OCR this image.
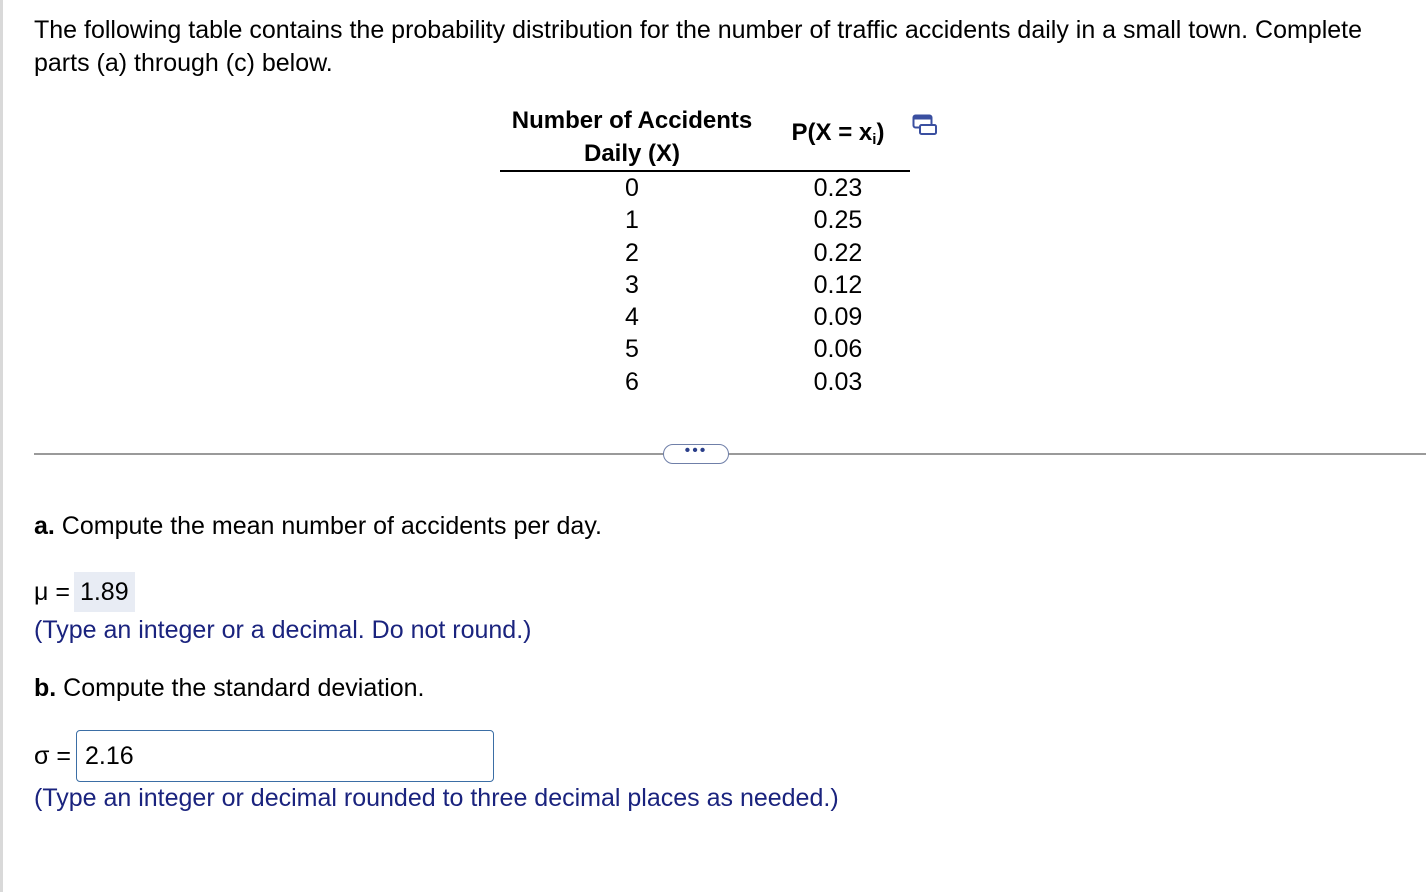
The following table contains the probability distribution for the number of traffic accidents daily in a small town. Complete parts (a) through (c) below.
Number of Accidents Daily (X)
$P(X = x_i)$
0
1
2
3
4
5
6
0.23
0.25
0.22
0.12
0.09
0.06
0.03
•••
a. Compute the mean number of accidents per day.
μ = 1.89
(Type an integer or a decimal. Do not round.)
b. Compute the standard deviation.
σ =
2.16
(Type an integer or decimal rounded to three decimal places as needed.)
